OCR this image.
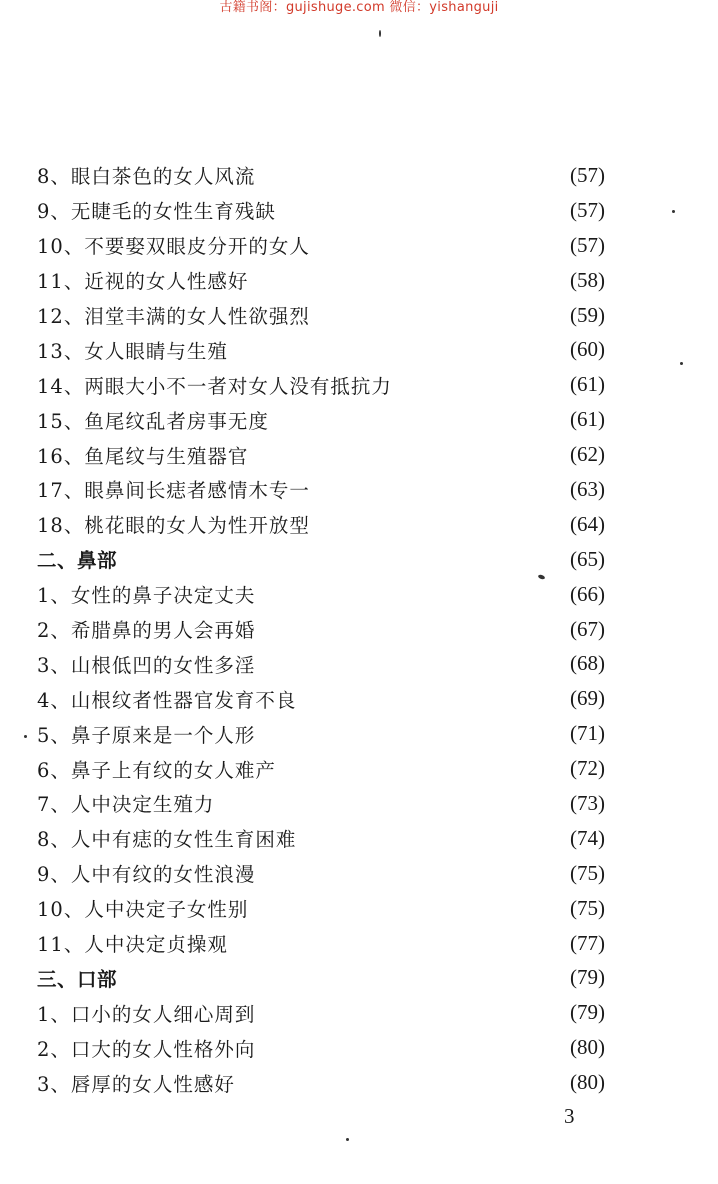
古籍书阁：gujishuge.com 微信：yishanguji
8、眼白茶色的女人风流	(57)
9、无睫毛的女性生育残缺	(57)
10、不要娶双眼皮分开的女人	(57)
11、近视的女人性感好	(58)
12、泪堂丰满的女人性欲强烈	(59)
13、女人眼睛与生殖	(60)
14、两眼大小不一者对女人没有抵抗力	(61)
15、鱼尾纹乱者房事无度	(61)
16、鱼尾纹与生殖器官	(62)
17、眼鼻间长痣者感情木专一	(63)
18、桃花眼的女人为性开放型	(64)
二、鼻部	(65)
1、女性的鼻子决定丈夫	(66)
2、希腊鼻的男人会再婚	(67)
3、山根低凹的女性多淫	(68)
4、山根纹者性器官发育不良	(69)
5、鼻子原来是一个人形	(71)
6、鼻子上有纹的女人难产	(72)
7、人中决定生殖力	(73)
8、人中有痣的女性生育困难	(74)
9、人中有纹的女性浪漫	(75)
10、人中决定子女性别	(75)
11、人中决定贞操观	(77)
三、口部	(79)
1、口小的女人细心周到	(79)
2、口大的女人性格外向	(80)
3、唇厚的女人性感好	(80)
3
